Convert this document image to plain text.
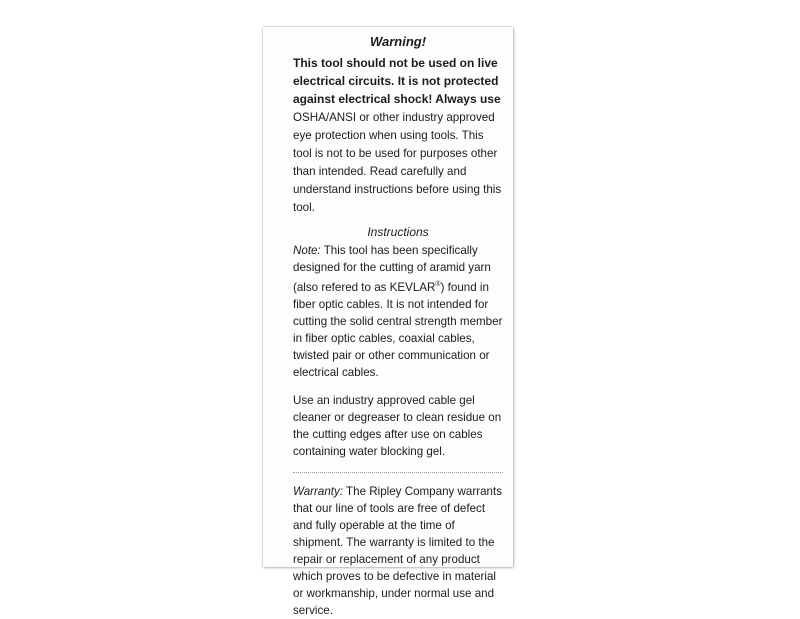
Warning!
This tool should not be used on live electrical circuits. It is not protected against electrical shock! Always use OSHA/ANSI or other industry approved eye protection when using tools. This tool is not to be used for purposes other than intended. Read carefully and understand instructions before using this tool.
Instructions
Note: This tool has been specifically designed for the cutting of aramid yarn (also refered to as KEVLAR®) found in fiber optic cables. It is not intended for cutting the solid central strength member in fiber optic cables, coaxial cables, twisted pair or other communication or electrical cables.
Use an industry approved cable gel cleaner or degreaser to clean residue on the cutting edges after use on cables containing water blocking gel.
Warranty: The Ripley Company warrants that our line of tools are free of defect and fully operable at the time of shipment. The warranty is limited to the repair or replacement of any product which proves to be defective in material or workmanship, under normal use and service.
